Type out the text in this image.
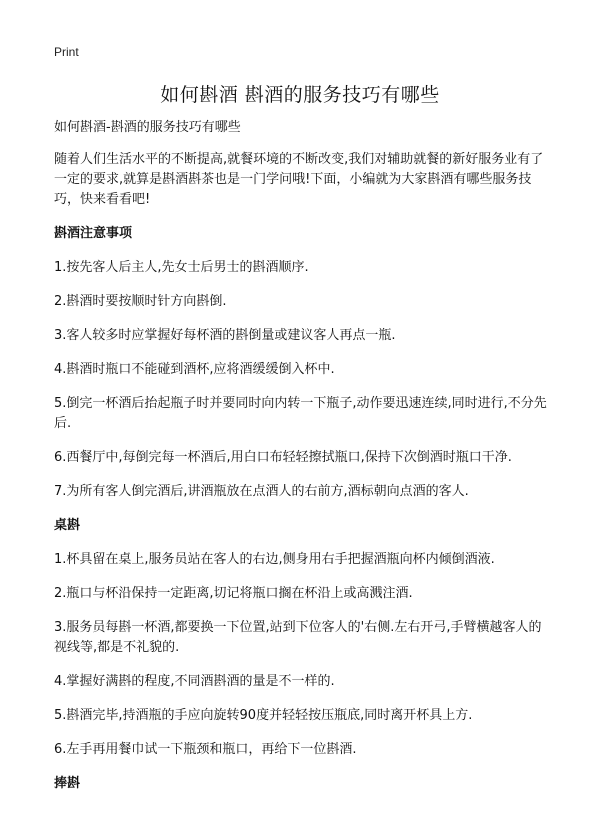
Print
如何斟酒 斟酒的服务技巧有哪些

如何斟酒-斟酒的服务技巧有哪些

随着人们生活水平的不断提高,就餐环境的不断改变,我们对辅助就餐的新好服务业有了一定的要求,就算是斟酒斟茶也是一门学问哦!下面，小编就为大家斟酒有哪些服务技巧，快来看看吧!

斟酒注意事项

1.按先客人后主人,先女士后男士的斟酒顺序.

2.斟酒时要按顺时针方向斟倒.

3.客人较多时应掌握好每杯酒的斟倒量或建议客人再点一瓶.

4.斟酒时瓶口不能碰到酒杯,应将酒缓缓倒入杯中.

5.倒完一杯酒后抬起瓶子时并要同时向内转一下瓶子,动作要迅速连续,同时进行,不分先后.

6.西餐厅中,每倒完每一杯酒后,用白口布轻轻擦拭瓶口,保持下次倒酒时瓶口干净.

7.为所有客人倒完酒后,讲酒瓶放在点酒人的右前方,酒标朝向点酒的客人.

桌斟

1.杯具留在桌上,服务员站在客人的右边,侧身用右手把握酒瓶向杯内倾倒酒液.

2.瓶口与杯沿保持一定距离,切记将瓶口搁在杯沿上或高溅注酒.

3.服务员每斟一杯酒,都要换一下位置,站到下位客人的'右侧.左右开弓,手臂横越客人的视线等,都是不礼貌的.

4.掌握好满斟的程度,不同酒斟酒的量是不一样的.

5.斟酒完毕,持酒瓶的手应向旋转90度并轻轻按压瓶底,同时离开杯具上方.

6.左手再用餐巾试一下瓶颈和瓶口，再给下一位斟酒.

捧斟
